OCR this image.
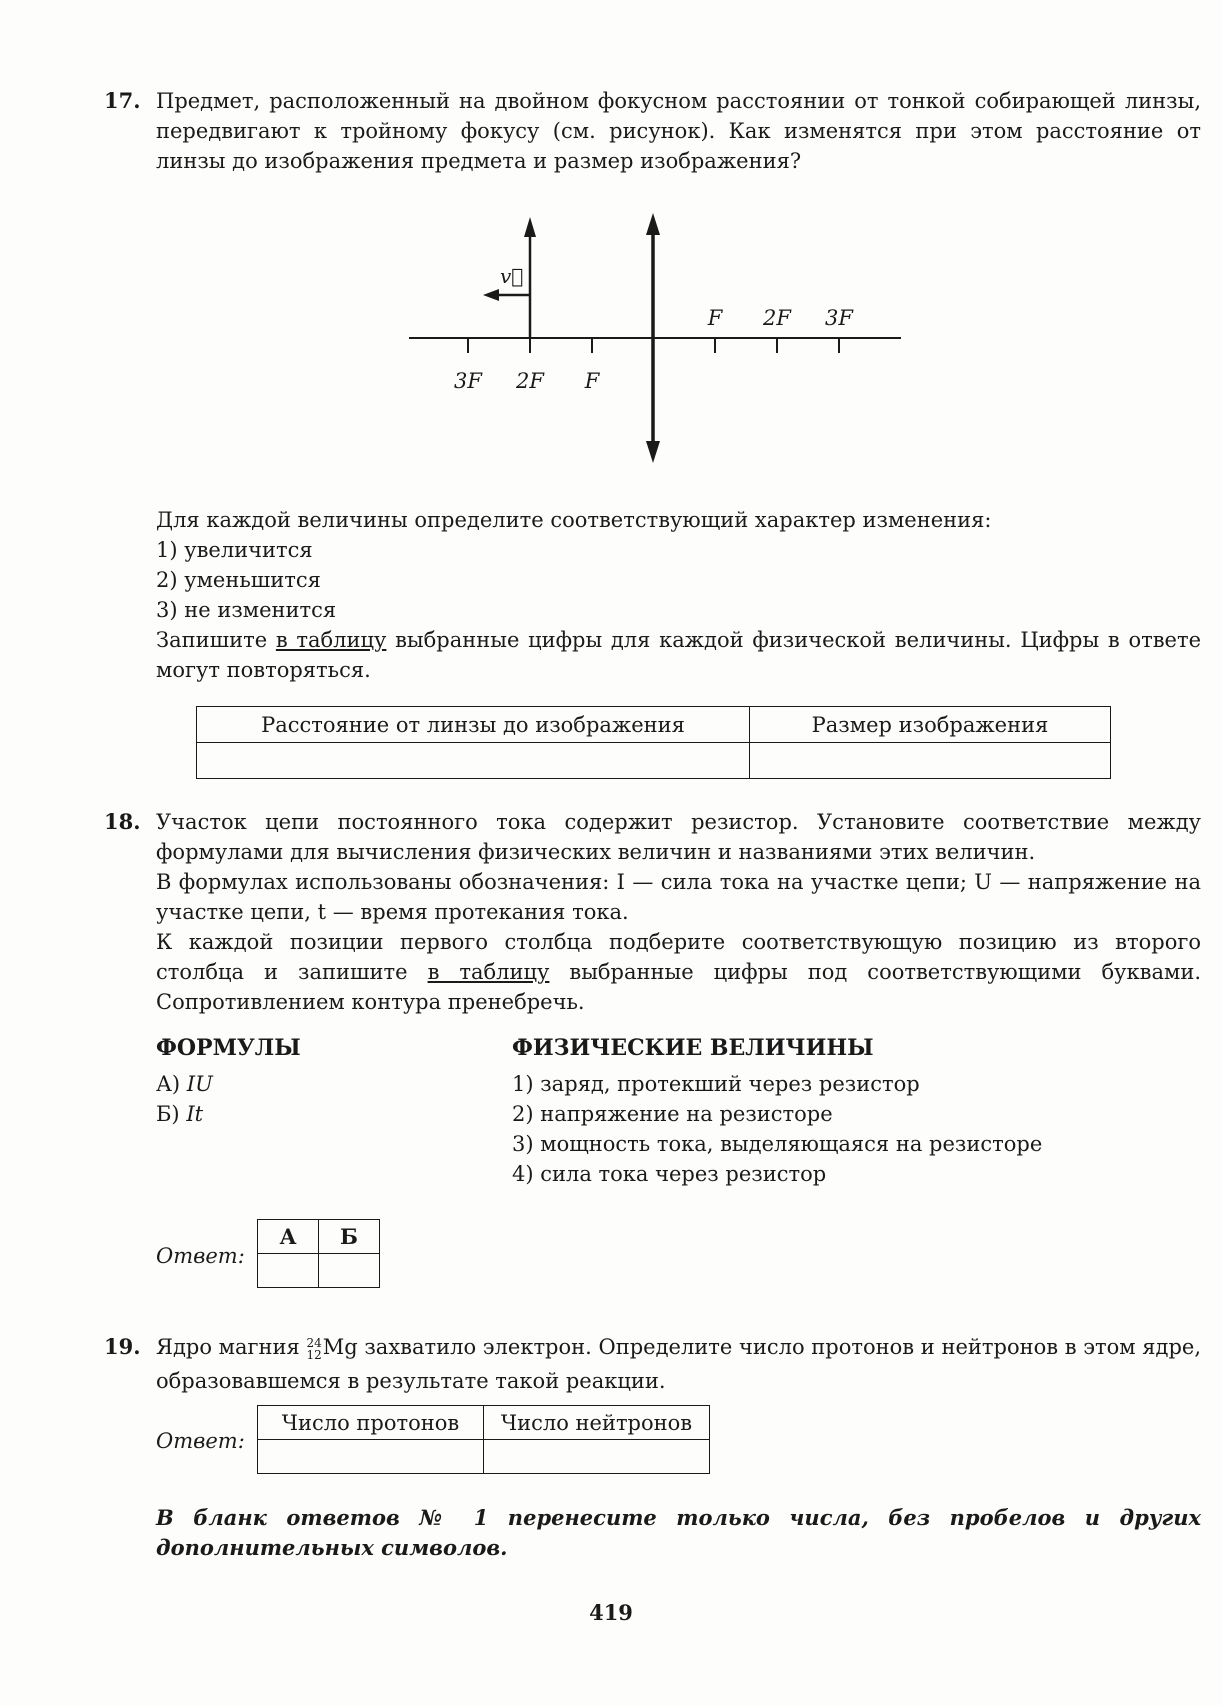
17. Предмет, расположенный на двойном фокусном расстоянии от тонкой собирающей линзы, передвигают к тройному фокусу (см. рисунок). Как изменятся при этом расстояние от линзы до изображения предмета и размер изображения?
v⃗
3F 2F F
F 2F 3F
Для каждой величины определите соответствующий характер изменения:
1) увеличится
2) уменьшится
3) не изменится
Запишите в таблицу выбранные цифры для каждой физической величины. Цифры в ответе могут повторяться.
Расстояние от линзы до изображения	Размер изображения

18. Участок цепи постоянного тока содержит резистор. Установите соответствие между формулами для вычисления физических величин и названиями этих величин.
В формулах использованы обозначения: I — сила тока на участке цепи; U — напряжение на участке цепи, t — время протекания тока.
К каждой позиции первого столбца подберите соответствующую позицию из второго столбца и запишите в таблицу выбранные цифры под соответствующими буквами. Сопротивлением контура пренебречь.
ФОРМУЛЫ	ФИЗИЧЕСКИЕ ВЕЛИЧИНЫ
А) IU
Б) It
1) заряд, протекший через резистор
2) напряжение на резисторе
3) мощность тока, выделяющаяся на резисторе
4) сила тока через резистор
Ответ:
А	Б

19. Ядро магния 24
12 Mg захватило электрон. Определите число протонов и нейтронов в этом ядре, образовавшемся в результате такой реакции.
Ответ:
Число протонов	Число нейтронов

В бланк ответов № 1 перенесите только числа, без пробелов и других дополнительных символов.
419
